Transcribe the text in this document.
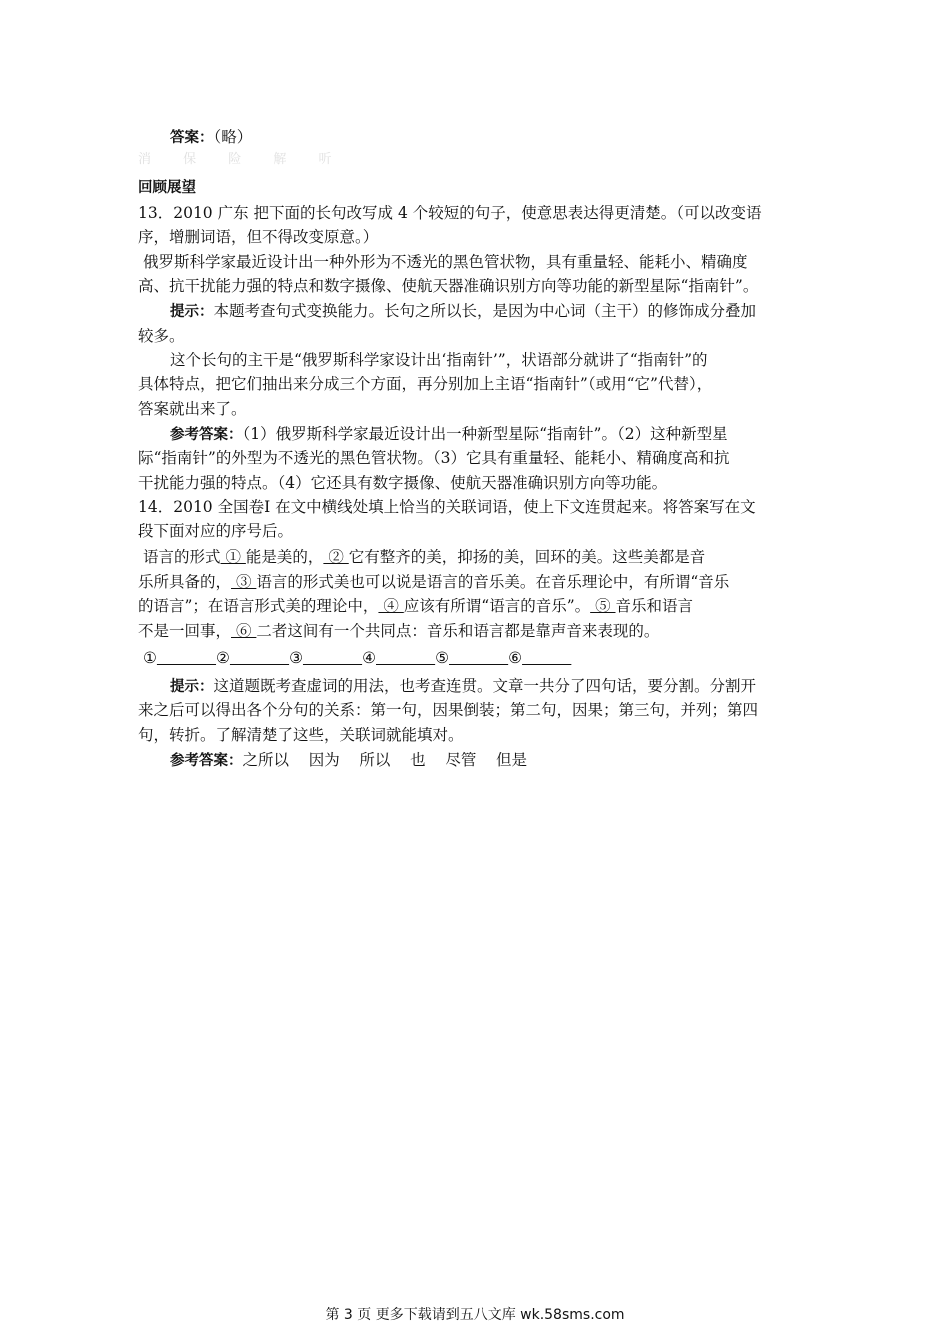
答案：（略）
消 保 险 解 听
回顾展望
13．2010 广东 把下面的长句改写成 4 个较短的句子，使意思表达得更清楚。（可以改变语
序，增删词语，但不得改变原意。）
俄罗斯科学家最近设计出一种外形为不透光的黑色管状物，具有重量轻、能耗小、精确度
高、抗干扰能力强的特点和数字摄像、使航天器准确识别方向等功能的新型星际“指南针”。
提示：本题考查句式变换能力。长句之所以长，是因为中心词（主干）的修饰成分叠加
较多。
这个长句的主干是“俄罗斯科学家设计出‘指南针’”，状语部分就讲了“指南针”的
具体特点，把它们抽出来分成三个方面，再分别加上主语“指南针”（或用“它”代替），
答案就出来了。
参考答案：（1）俄罗斯科学家最近设计出一种新型星际“指南针”。（2）这种新型星
际“指南针”的外型为不透光的黑色管状物。（3）它具有重量轻、能耗小、精确度高和抗
干扰能力强的特点。（4）它还具有数字摄像、使航天器准确识别方向等功能。
14．2010 全国卷Ⅰ 在文中横线处填上恰当的关联词语，使上下文连贯起来。将答案写在文
段下面对应的序号后。
语言的形式 ① 能是美的， ② 它有整齐的美，抑扬的美，回环的美。这些美都是音
乐所具备的， ③ 语言的形式美也可以说是语言的音乐美。在音乐理论中，有所谓“音乐
的语言”；在语言形式美的理论中， ④ 应该有所谓“语言的音乐”。 ⑤ 音乐和语言
不是一回事， ⑥ 二者这间有一个共同点：音乐和语言都是靠声音来表现的。
①	②	③	④	⑤	⑥
提示：这道题既考查虚词的用法，也考查连贯。文章一共分了四句话，要分割。分割开
来之后可以得出各个分句的关系：第一句，因果倒装；第二句，因果；第三句，并列；第四
句，转折。了解清楚了这些，关联词就能填对。
参考答案：之所以    因为    所以    也    尽管    但是
第 3 页 更多下载请到五八文库 wk.58sms.com
